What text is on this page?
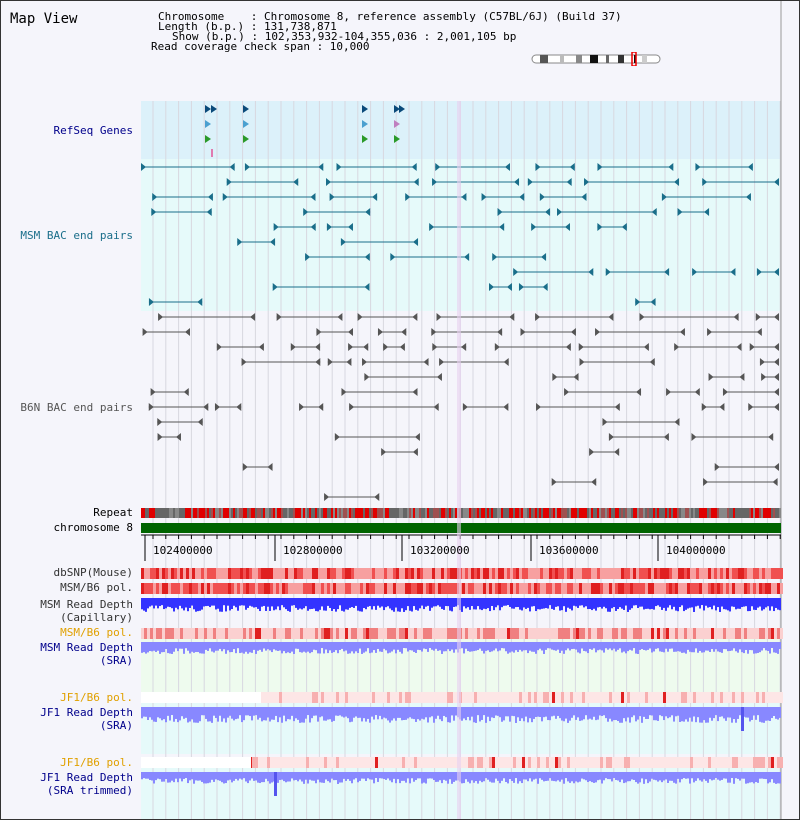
Map View	Chromosome    : Chromosome 8, reference assembly (C57BL/6J) (Build 37)
Length (b.p.) : 131,738,871
Show (b.p.) : 102,353,932-104,355,036 : 2,001,105 bp
Read coverage check span : 10,000
RefSeq Genes
MSM BAC end pairs
B6N BAC end pairs
Repeat
chromosome 8
dbSNP(Mouse)
MSM/B6 pol.
MSM Read Depth
(Capillary)
MSM/B6 pol.
MSM Read Depth
(SRA)
JF1/B6 pol.
JF1 Read Depth
(SRA)
JF1/B6 pol.
JF1 Read Depth
(SRA trimmed)
102400000	102800000	103200000	103600000	104000000
